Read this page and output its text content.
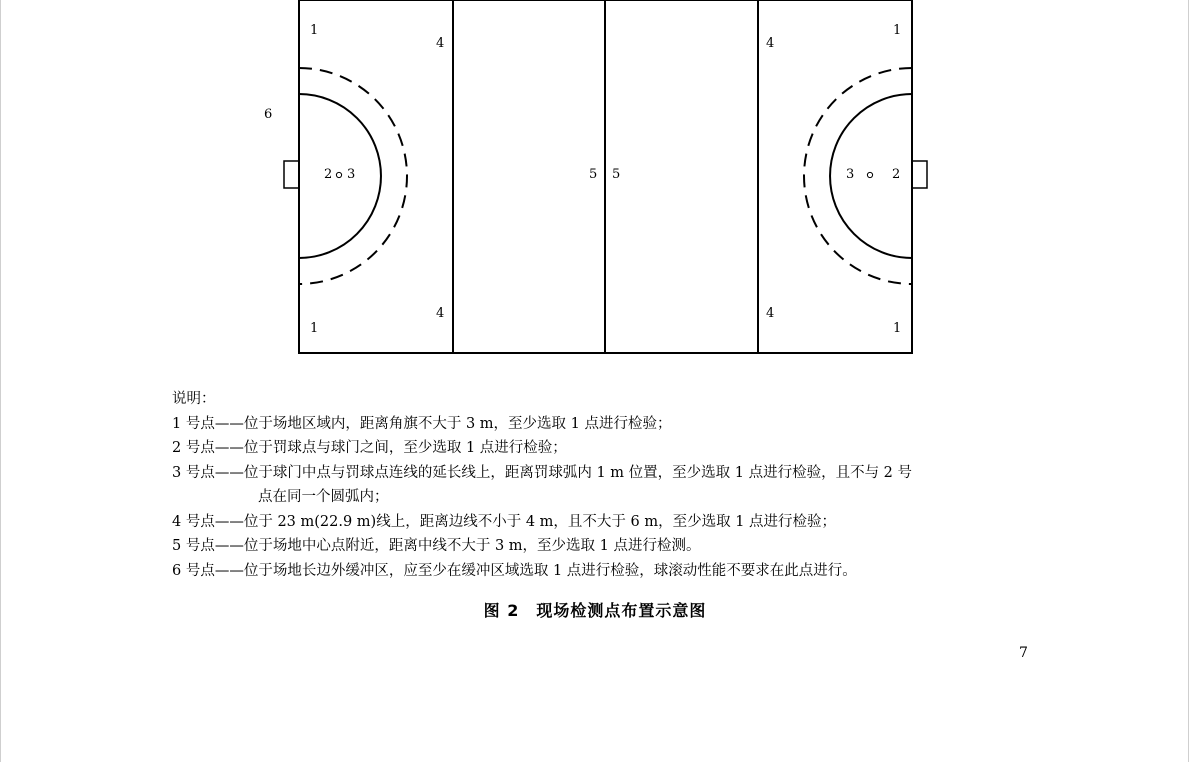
1
1
4
4
6
2 3	5 5
1
1
4
4
3	2
说明：
1 号点——位于场地区域内，距离角旗不大于 3 m，至少选取 1 点进行检验；
2 号点——位于罚球点与球门之间，至少选取 1 点进行检验；
3 号点——位于球门中点与罚球点连线的延长线上，距离罚球弧内 1 m 位置，至少选取 1 点进行检验，且不与 2 号
点在同一个圆弧内；
4 号点——位于 23 m(22.9 m)线上，距离边线不小于 4 m，且不大于 6 m，至少选取 1 点进行检验；
5 号点——位于场地中心点附近，距离中线不大于 3 m，至少选取 1 点进行检测。
6 号点——位于场地长边外缓冲区，应至少在缓冲区域选取 1 点进行检验，球滚动性能不要求在此点进行。
图 2　现场检测点布置示意图
7
